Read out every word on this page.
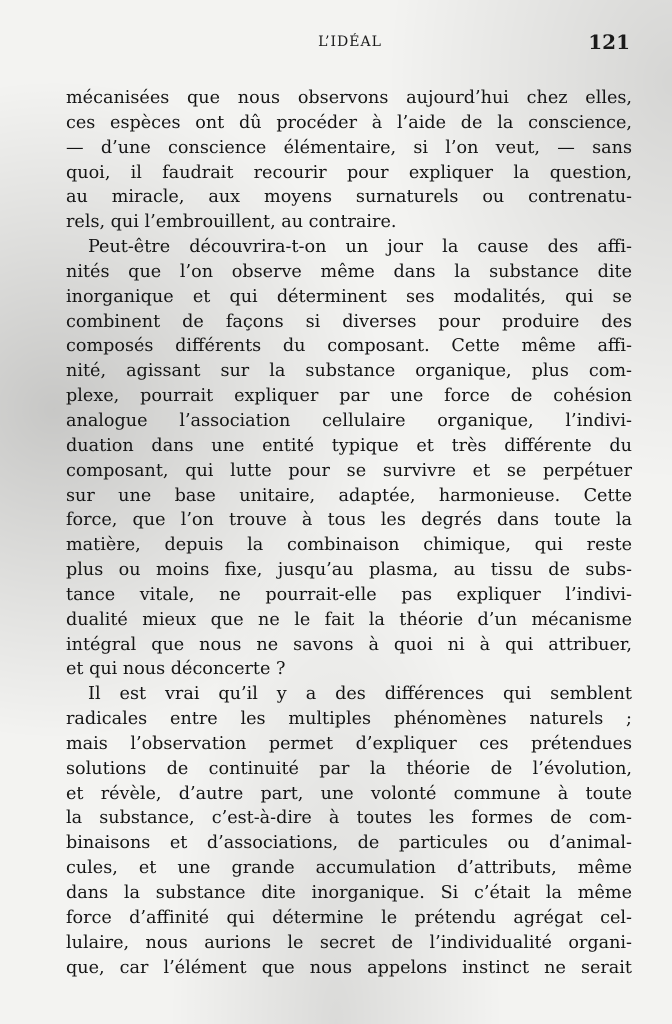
L’IDÉAL	121
mécanisées que nous observons aujourd’hui chez elles,
ces espèces ont dû procéder à l’aide de la conscience,
— d’une conscience élémentaire, si l’on veut, — sans
quoi, il faudrait recourir pour expliquer la question,
au miracle, aux moyens surnaturels ou contrenatu-
rels, qui l’embrouillent, au contraire.
Peut-être découvrira-t-on un jour la cause des affi-
nités que l’on observe même dans la substance dite
inorganique et qui déterminent ses modalités, qui se
combinent de façons si diverses pour produire des
composés différents du composant. Cette même affi-
nité, agissant sur la substance organique, plus com-
plexe, pourrait expliquer par une force de cohésion
analogue l’association cellulaire organique, l’indivi-
duation dans une entité typique et très différente du
composant, qui lutte pour se survivre et se perpétuer
sur une base unitaire, adaptée, harmonieuse. Cette
force, que l’on trouve à tous les degrés dans toute la
matière, depuis la combinaison chimique, qui reste
plus ou moins fixe, jusqu’au plasma, au tissu de subs-
tance vitale, ne pourrait-elle pas expliquer l’indivi-
dualité mieux que ne le fait la théorie d’un mécanisme
intégral que nous ne savons à quoi ni à qui attribuer,
et qui nous déconcerte ?
Il est vrai qu’il y a des différences qui semblent
radicales entre les multiples phénomènes naturels ;
mais l’observation permet d’expliquer ces prétendues
solutions de continuité par la théorie de l’évolution,
et révèle, d’autre part, une volonté commune à toute
la substance, c’est-à-dire à toutes les formes de com-
binaisons et d’associations, de particules ou d’animal-
cules, et une grande accumulation d’attributs, même
dans la substance dite inorganique. Si c’était la même
force d’affinité qui détermine le prétendu agrégat cel-
lulaire, nous aurions le secret de l’individualité organi-
que, car l’élément que nous appelons instinct ne serait
